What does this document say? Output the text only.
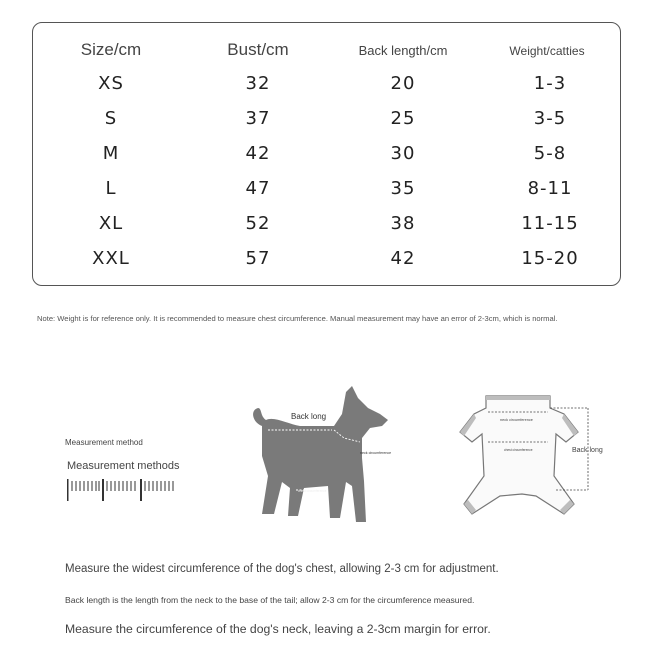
Size/cm	Bust/cm	Back length/cm	Weight/catties
XS	32	20	1-3
S	37	25	3-5
M	42	30	5-8
L	47	35	8-11
XL	52	38	11-15
XXL	57	42	15-20
Note: Weight is for reference only. It is recommended to measure chest circumference. Manual measurement may have an error of 2-3cm, which is normal.
Measurement method
Measurement methods
Back long
neck circumference
chest circumference
neck circumference
chest circumference	Back long
Measure the widest circumference of the dog's chest, allowing 2-3 cm for adjustment.
Back length is the length from the neck to the base of the tail; allow 2-3 cm for the circumference measured.
Measure the circumference of the dog's neck, leaving a 2-3cm margin for error.
